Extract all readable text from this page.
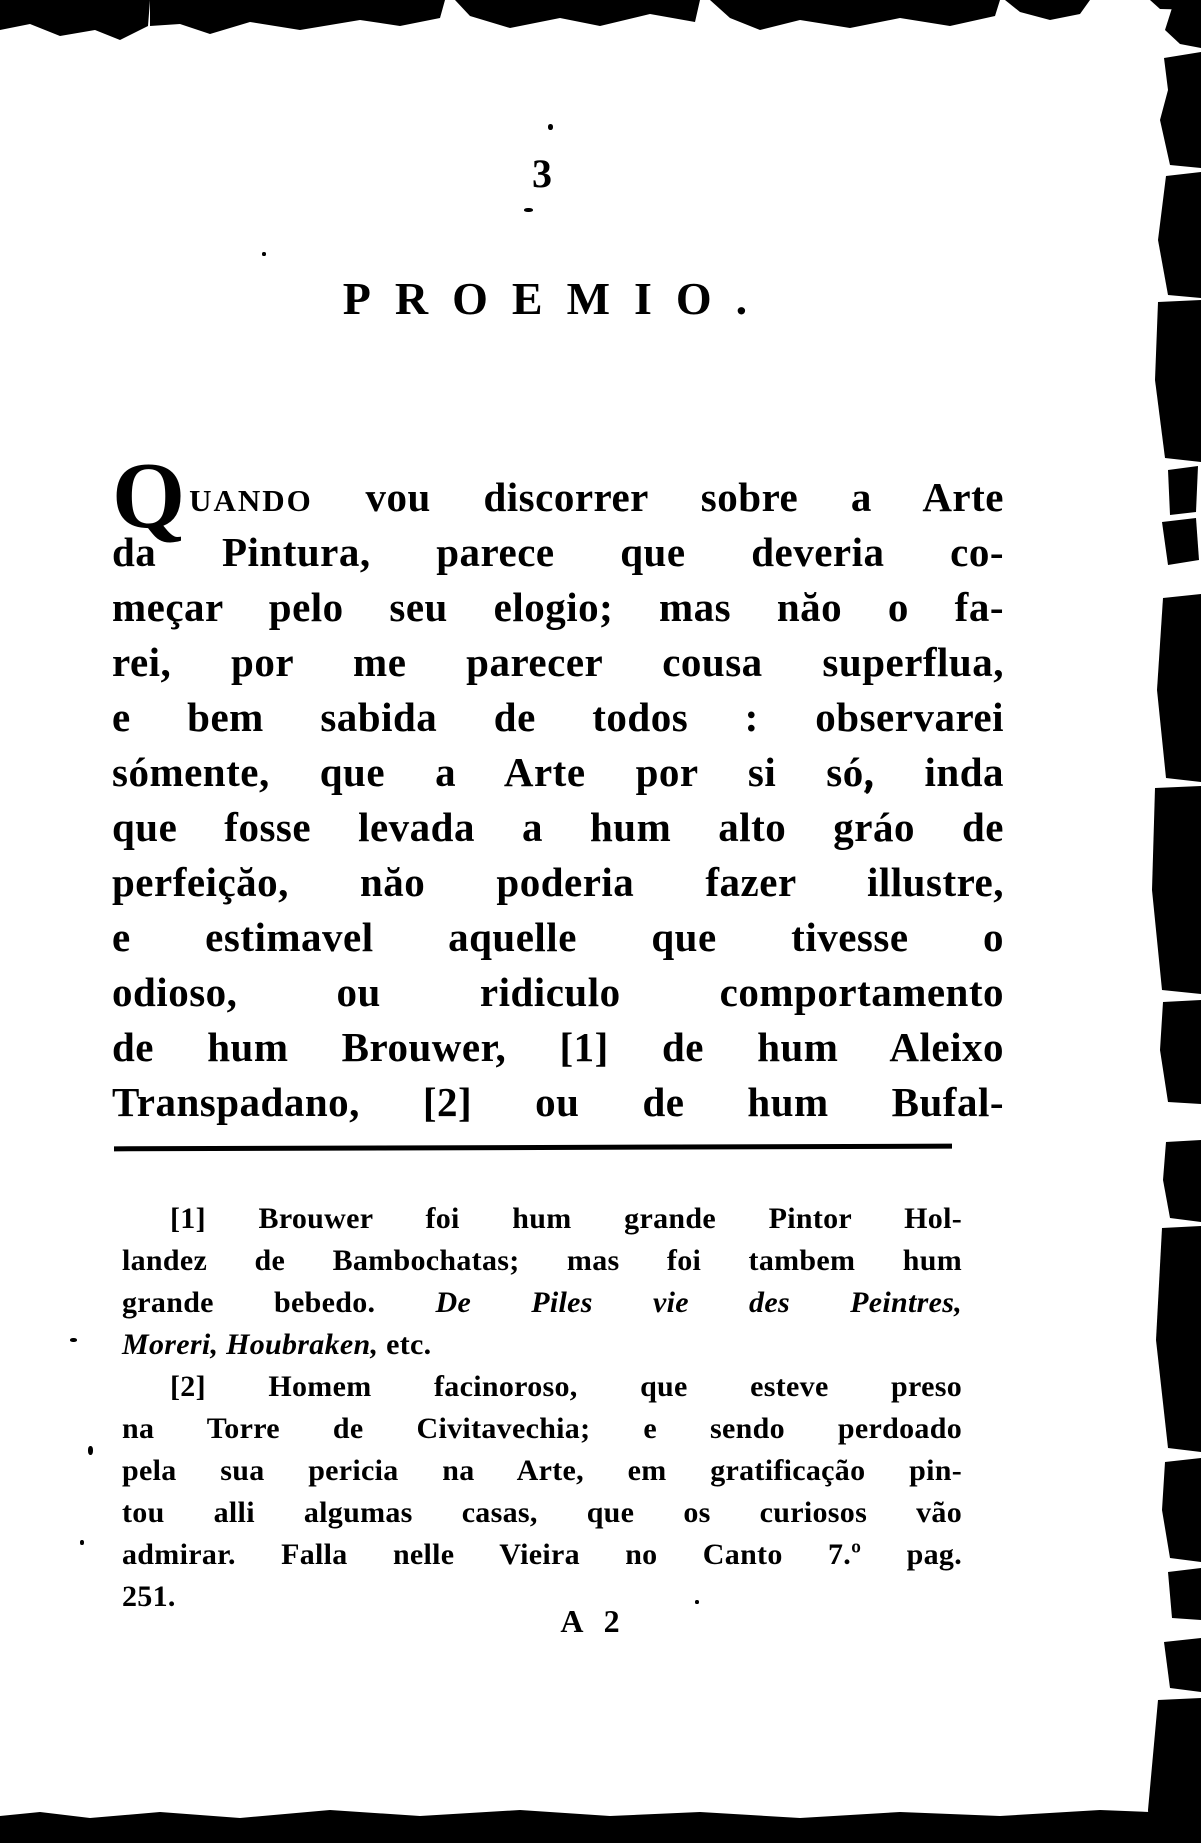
3
PROEMIO.
QUANDO vou discorrer sobre a Arte
da Pintura, parece que deveria co-
meçar pelo seu elogio; mas năo o fa-
rei, por me parecer cousa superflua,
e bem sabida de todos : observarei
sómente, que a Arte por si só, inda
que fosse levada a hum alto gráo de
perfeiçăo, năo poderia fazer illustre,
e estimavel aquelle que tivesse o
odioso, ou ridiculo comportamento
de hum Brouwer, [1] de hum Aleixo
Transpadano, [2] ou de hum Bufal-
[1] Brouwer foi hum grande Pintor Hol-
landez de Bambochatas; mas foi tambem hum
grande bebedo. De Piles vie des Peintres,
Moreri, Houbraken, etc.
[2] Homem facinoroso, que esteve preso
na Torre de Civitavechia; e sendo perdoado
pela sua pericia na Arte, em gratificação pin-
tou alli algumas casas, que os curiosos vão
admirar. Falla nelle Vieira no Canto 7.º pag.
251.
A 2
